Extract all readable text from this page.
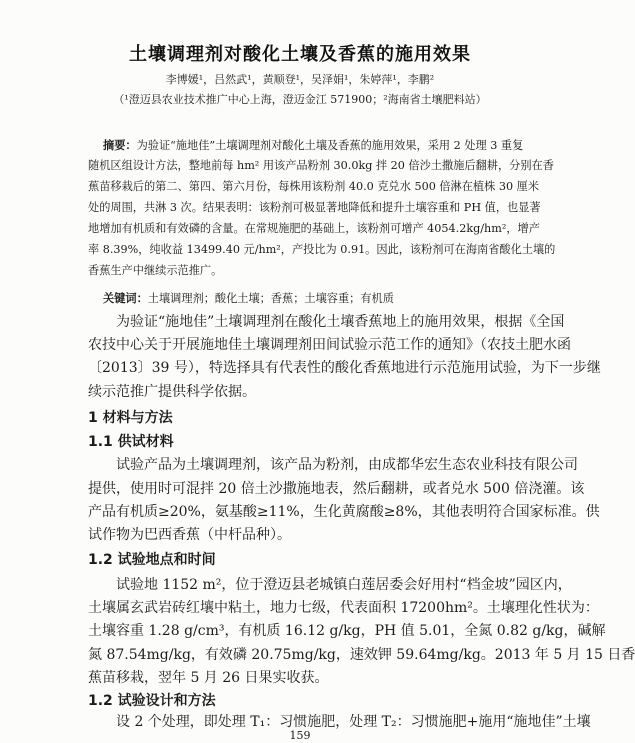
土壤调理剂对酸化土壤及香蕉的施用效果
李博媛¹，吕然武¹，黄顺登¹，吴泽娟¹，朱婷萍¹，李鹏²
（¹澄迈县农业技术推广中心上海，澄迈金江 571900；²海南省土壤肥料站）
摘要：为验证“施地佳”土壤调理剂对酸化土壤及香蕉的施用效果，采用 2 处理 3 重复
随机区组设计方法，整地前每 hm² 用该产品粉剂 30.0kg 拌 20 倍沙土撒施后翻耕，分别在香
蕉苗移栽后的第二、第四、第六月份，每株用该粉剂 40.0 克兑水 500 倍淋在植株 30 厘米
处的周围，共淋 3 次。结果表明：该粉剂可极显著地降低和提升土壤容重和 PH 值，也显著
地增加有机质和有效磷的含量。在常规施肥的基础上，该粉剂可增产 4054.2kg/hm²，增产
率 8.39%，纯收益 13499.40 元/hm²，产投比为 0.91。因此，该粉剂可在海南省酸化土壤的
香蕉生产中继续示范推广。
关键词：土壤调理剂；酸化土壤；香蕉；土壤容重；有机质
为验证“施地佳”土壤调理剂在酸化土壤香蕉地上的施用效果，根据《全国
农技中心关于开展施地佳土壤调理剂田间试验示范工作的通知》（农技土肥水函
〔2013〕39 号），特选择具有代表性的酸化香蕉地进行示范施用试验，为下一步继
续示范推广提供科学依据。
1 材料与方法
1.1 供试材料
试验产品为土壤调理剂，该产品为粉剂，由成都华宏生态农业科技有限公司
提供，使用时可混拌 20 倍土沙撒施地表，然后翻耕，或者兑水 500 倍浇灌。该
产品有机质≥20%，氨基酸≥11%，生化黄腐酸≥8%，其他表明符合国家标准。供
试作物为巴西香蕉（中杆品种）。
1.2 试验地点和时间
试验地 1152 m²，位于澄迈县老城镇白莲居委会好用村“档金坡”园区内，
土壤属玄武岩砖红壤中粘土，地力七级，代表面积 17200hm²。土壤理化性状为：
土壤容重 1.28 g/cm³，有机质 16.12 g/kg，PH 值 5.01，全氮 0.82 g/kg，碱解
氮 87.54mg/kg，有效磷 20.75mg/kg，速效钾 59.64mg/kg。2013 年 5 月 15 日香
蕉苗移栽，翌年 5 月 26 日果实收获。
1.2 试验设计和方法
设 2 个处理，即处理 T₁：习惯施肥，处理 T₂：习惯施肥+施用“施地佳”土壤
159
